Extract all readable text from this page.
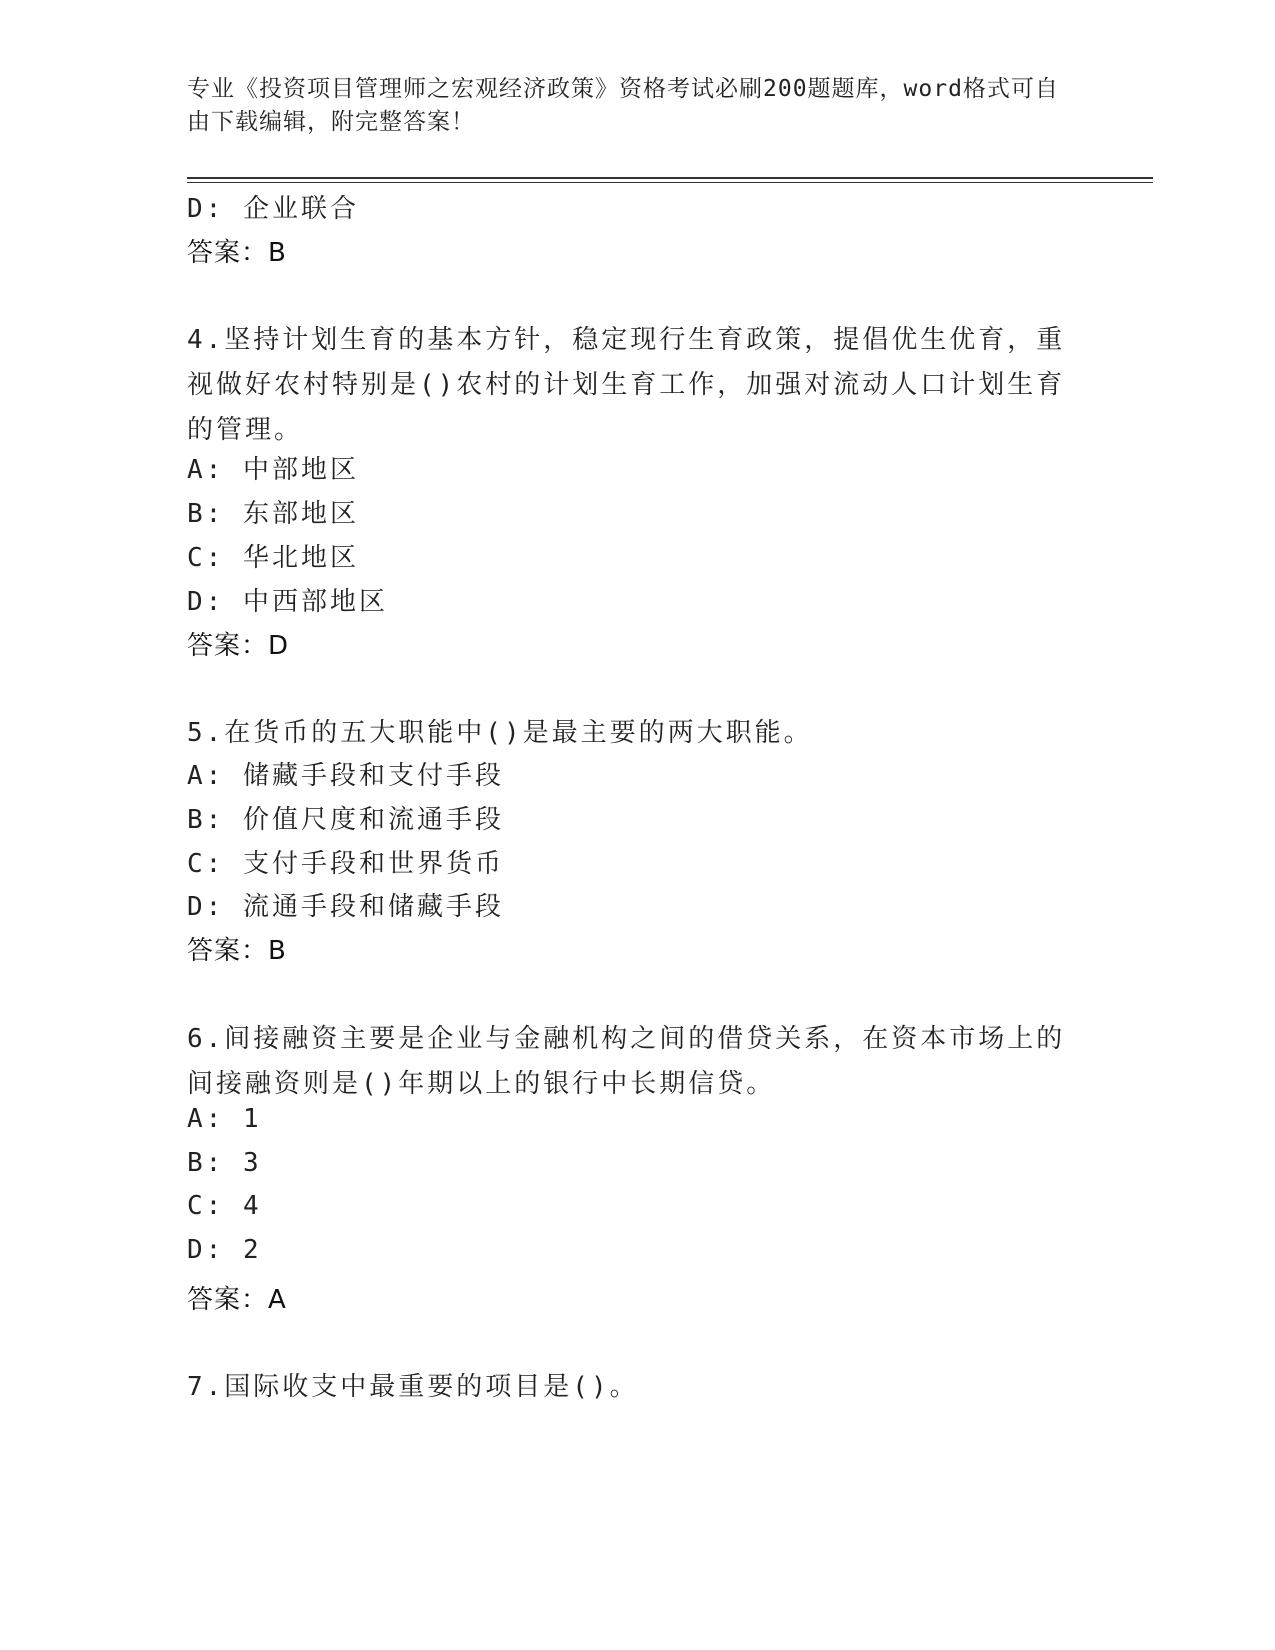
专业《投资项目管理师之宏观经济政策》资格考试必刷200题题库，word格式可自由下载编辑，附完整答案！
D: 企业联合
答案：B
4.坚持计划生育的基本方针，稳定现行生育政策，提倡优生优育，重视做好农村特别是()农村的计划生育工作，加强对流动人口计划生育的管理。
A: 中部地区
B: 东部地区
C: 华北地区
D: 中西部地区
答案：D
5.在货币的五大职能中()是最主要的两大职能。
A: 储藏手段和支付手段
B: 价值尺度和流通手段
C: 支付手段和世界货币
D: 流通手段和储藏手段
答案：B
6.间接融资主要是企业与金融机构之间的借贷关系，在资本市场上的间接融资则是()年期以上的银行中长期信贷。
A: 1
B: 3
C: 4
D: 2
答案：A
7.国际收支中最重要的项目是()。
